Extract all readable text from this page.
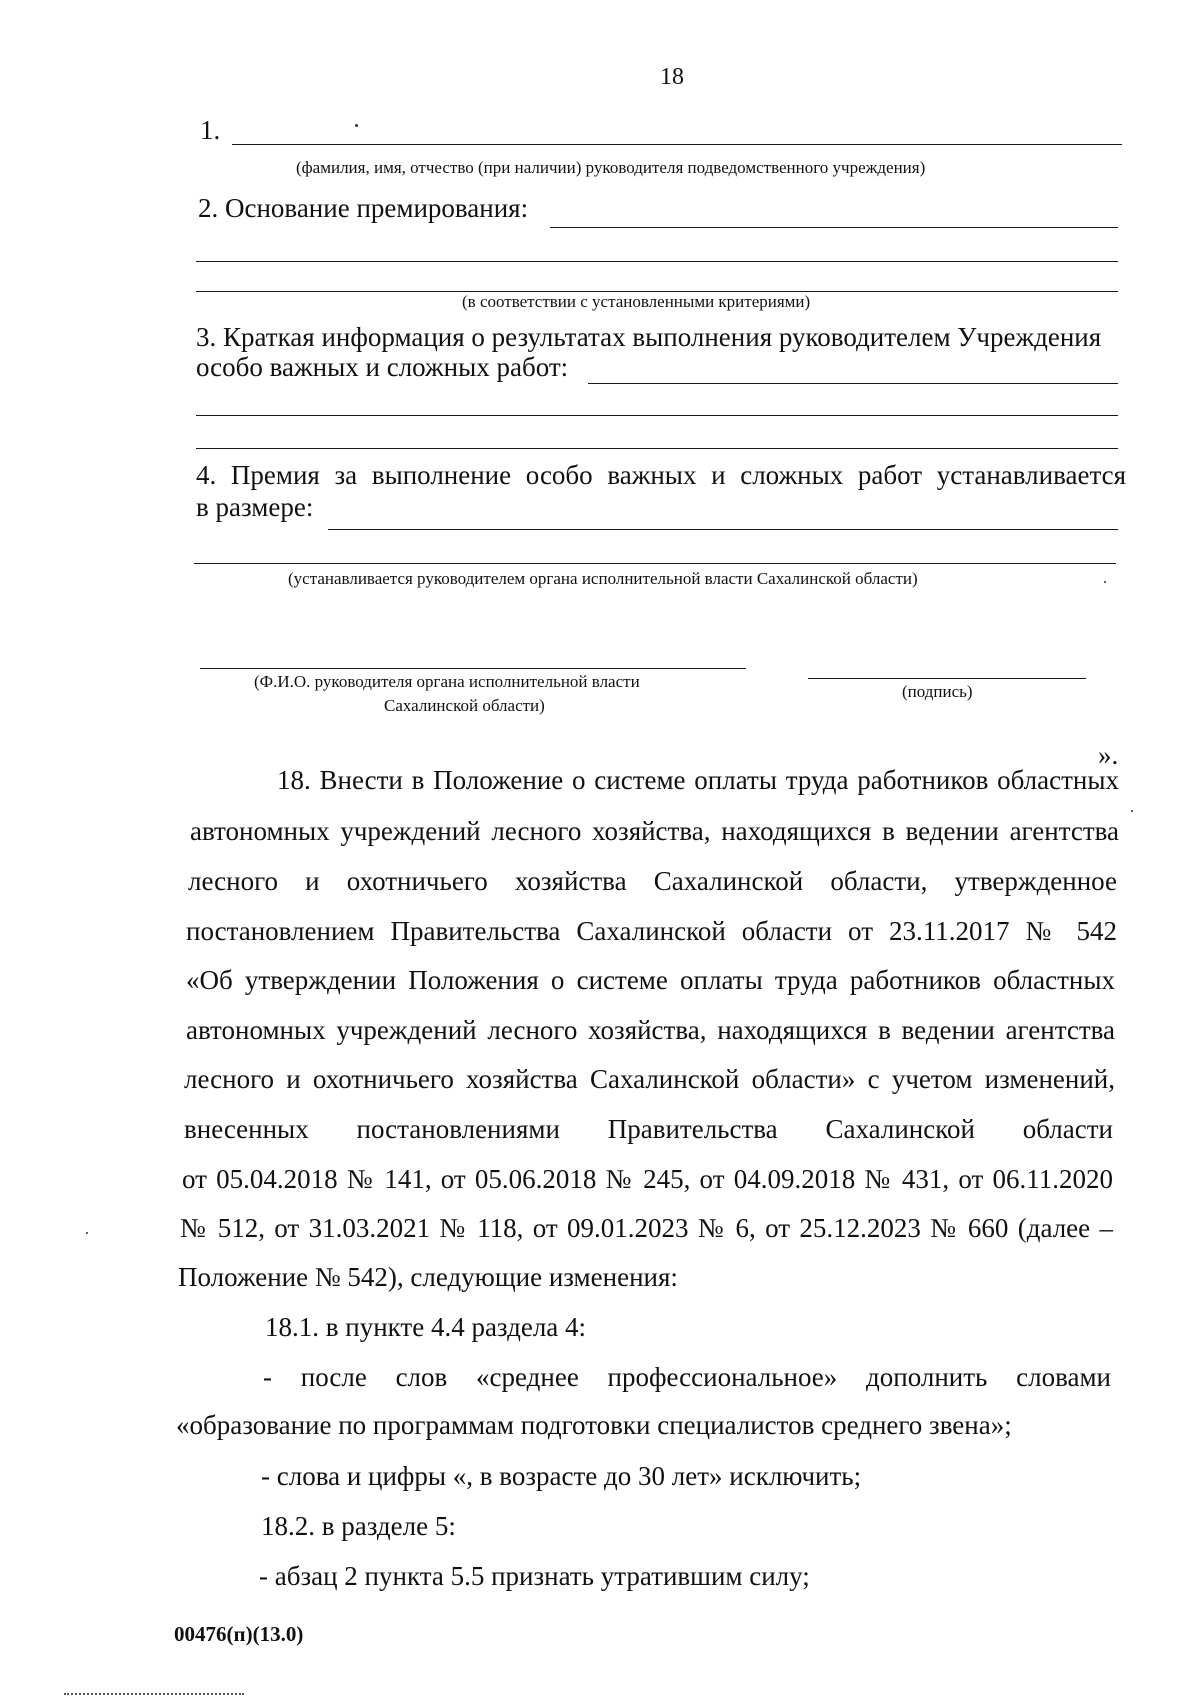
18
1.
(фамилия, имя, отчество (при наличии) руководителя подведомственного учреждения)
2. Основание премирования:
(в соответствии с установленными критериями)
3. Краткая информация о результатах выполнения руководителем Учреждения
особо важных и сложных работ:
4. Премия за выполнение особо важных и сложных работ устанавливается
в размере:
(устанавливается руководителем органа исполнительной власти Сахалинской области)
(Ф.И.О. руководителя органа исполнительной власти
Сахалинской области)
(подпись)
».
18. Внести в Положение о системе оплаты труда работников областных
автономных учреждений лесного хозяйства, находящихся в ведении агентства
лесного и охотничьего хозяйства Сахалинской области, утвержденное
постановлением Правительства Сахалинской области от 23.11.2017 № 542
«Об утверждении Положения о системе оплаты труда работников областных
автономных учреждений лесного хозяйства, находящихся в ведении агентства
лесного и охотничьего хозяйства Сахалинской области» с учетом изменений,
внесенных постановлениями Правительства Сахалинской области
от 05.04.2018 № 141, от 05.06.2018 № 245, от 04.09.2018 № 431, от 06.11.2020
№ 512, от 31.03.2021 № 118, от 09.01.2023 № 6, от 25.12.2023 № 660 (далее –
Положение № 542), следующие изменения:
18.1. в пункте 4.4 раздела 4:
- после слов «среднее профессиональное» дополнить словами
«образование по программам подготовки специалистов среднего звена»;
- слова и цифры «, в возрасте до 30 лет» исключить;
18.2. в разделе 5:
- абзац 2 пункта 5.5 признать утратившим силу;
00476(п)(13.0)
